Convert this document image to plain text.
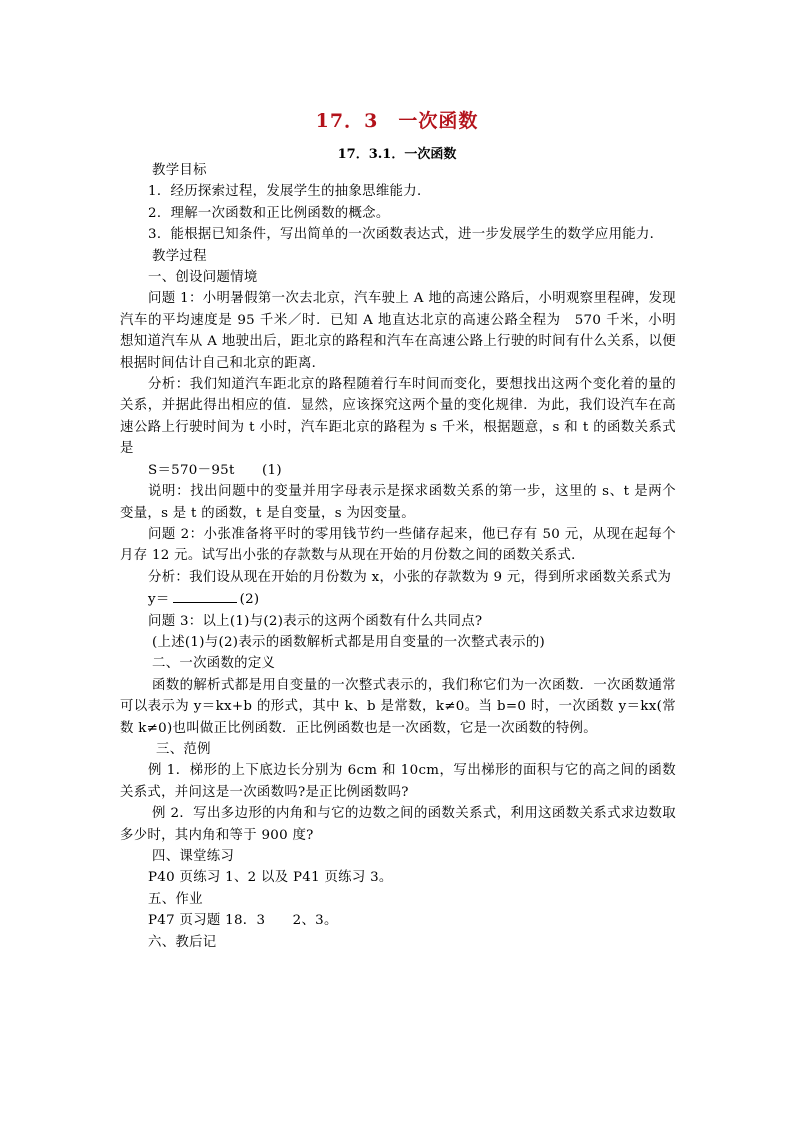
17．3　一次函数
17．3.1．一次函数

教学目标

1．经历探索过程，发展学生的抽象思维能力．

2．理解一次函数和正比例函数的概念。

3．能根据已知条件，写出简单的一次函数表达式，进一步发展学生的数学应用能力．

教学过程

一、创设问题情境

问题 1：小明暑假第一次去北京，汽车驶上 A 地的高速公路后，小明观察里程碑，发现汽车的平均速度是 95 千米／时．已知 A 地直达北京的高速公路全程为　570 千米，小明想知道汽车从 A 地驶出后，距北京的路程和汽车在高速公路上行驶的时间有什么关系，以便根据时间估计自己和北京的距离．

分析：我们知道汽车距北京的路程随着行车时间而变化，要想找出这两个变化着的量的关系，并据此得出相应的值．显然，应该探究这两个量的变化规律．为此，我们设汽车在高速公路上行驶时间为 t 小时，汽车距北京的路程为 s 千米，根据题意，s 和 t 的函数关系式是

S＝570－95t　　(1)

说明：找出问题中的变量并用字母表示是探求函数关系的第一步，这里的 s、t 是两个变量，s 是 t 的函数，t 是自变量，s 为因变量。

问题 2：小张准备将平时的零用钱节约一些储存起来，他已存有 50 元，从现在起每个月存 12 元。试写出小张的存款数与从现在开始的月份数之间的函数关系式．

分析：我们设从现在开始的月份数为 x，小张的存款数为 9 元，得到所求函数关系式为

y＝	(2)

问题 3：以上(1)与(2)表示的这两个函数有什么共同点?

(上述(1)与(2)表示的函数解析式都是用自变量的一次整式表示的)

二、一次函数的定义

函数的解析式都是用自变量的一次整式表示的，我们称它们为一次函数．一次函数通常可以表示为 y＝kx+b 的形式，其中 k、b 是常数，k≠0。当 b=0 时，一次函数 y＝kx(常数 k≠0)也叫做正比例函数．正比例函数也是一次函数，它是一次函数的特例。

三、范例

例 1．梯形的上下底边长分别为 6cm 和 10cm，写出梯形的面积与它的高之间的函数关系式，并问这是一次函数吗?是正比例函数吗?

例 2．写出多边形的内角和与它的边数之间的函数关系式，利用这函数关系式求边数取多少时，其内角和等于 900 度?

四、课堂练习

P40 页练习 1、2 以及 P41 页练习 3。

五、作业

P47 页习题 18．3　　2、3。

六、教后记
